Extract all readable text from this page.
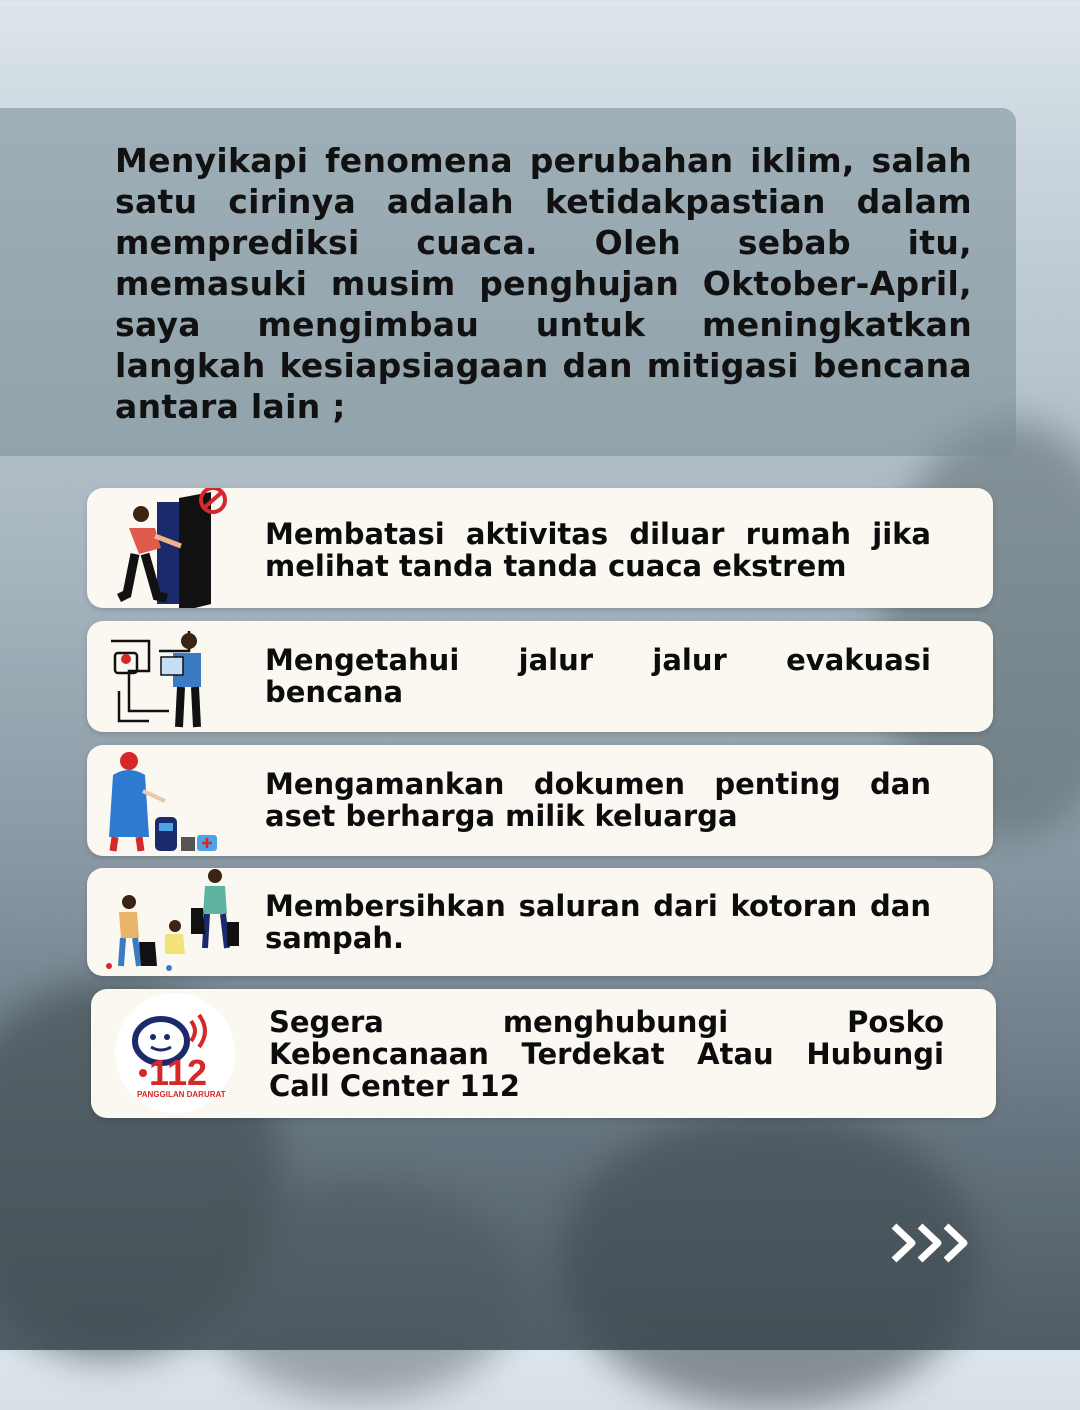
Menyikapi fenomena perubahan iklim, salah satu cirinya adalah ketidakpastian dalam memprediksi cuaca. Oleh sebab itu, memasuki musim penghujan Oktober-April, saya mengimbau untuk meningkatkan langkah kesiapsiagaan dan mitigasi bencana antara lain ;
Membatasi aktivitas diluar rumah jika melihat tanda tanda cuaca ekstrem
Mengetahui jalur jalur evakuasi bencana
Mengamankan dokumen penting dan aset berharga milik keluarga
Membersihkan saluran dari kotoran dan sampah.
112
PANGGILAN DARURAT
Segera menghubungi Posko Kebencanaan Terdekat Atau Hubungi Call Center 112
